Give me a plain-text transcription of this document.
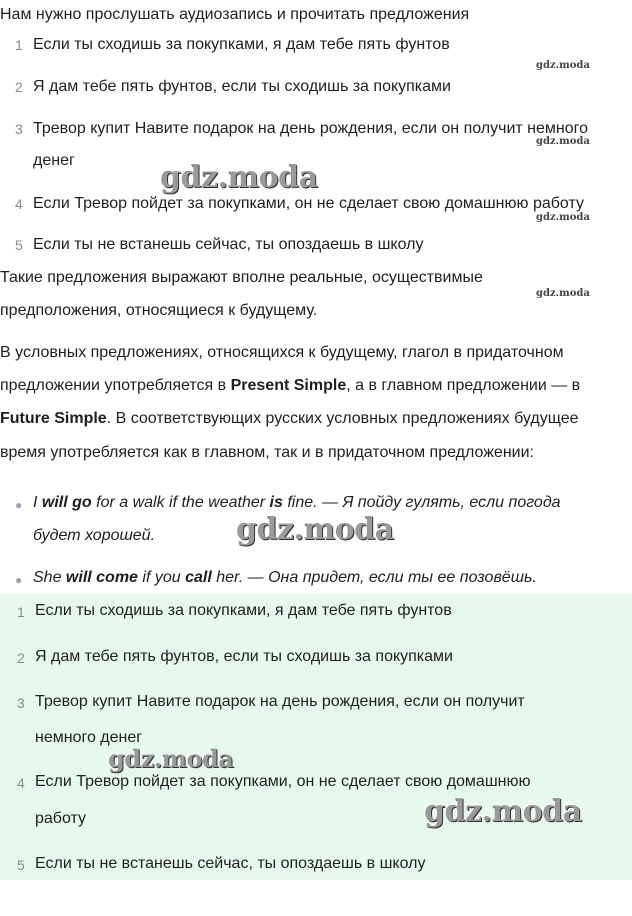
Нам нужно прослушать аудиозапись и прочитать предложения
1 Если ты сходишь за покупками, я дам тебе пять фунтов
2 Я дам тебе пять фунтов, если ты сходишь за покупками
3 Тревор купит Навите подарок на день рождения, если он получит немного
денег
4 Если Тревор пойдет за покупками, он не сделает свою домашнюю работу
5 Если ты не встанешь сейчас, ты опоздаешь в школу
Такие предложения выражают вполне реальные, осуществимые
предположения, относящиеся к будущему.
В условных предложениях, относящихся к будущему, глагол в придаточном
предложении употребляется в Present Simple, а в главном предложении — в
Future Simple. В соответствующих русских условных предложениях будущее
время употребляется как в главном, так и в придаточном предложении:
● I will go for a walk if the weather is fine. — Я пойду гулять, если погода
будет хорошей.
● She will come if you call her. — Она придет, если ты ее позовёшь.
1 Если ты сходишь за покупками, я дам тебе пять фунтов
2 Я дам тебе пять фунтов, если ты сходишь за покупками
3 Тревор купит Навите подарок на день рождения, если он получит
немного денег
4 Если Тревор пойдет за покупками, он не сделает свою домашнюю
работу
5 Если ты не встанешь сейчас, ты опоздаешь в школу
gdz.moda
gdz.moda
gdz.moda
gdz.moda
gdz.moda
gdz.moda
gdz.moda
gdz.moda
